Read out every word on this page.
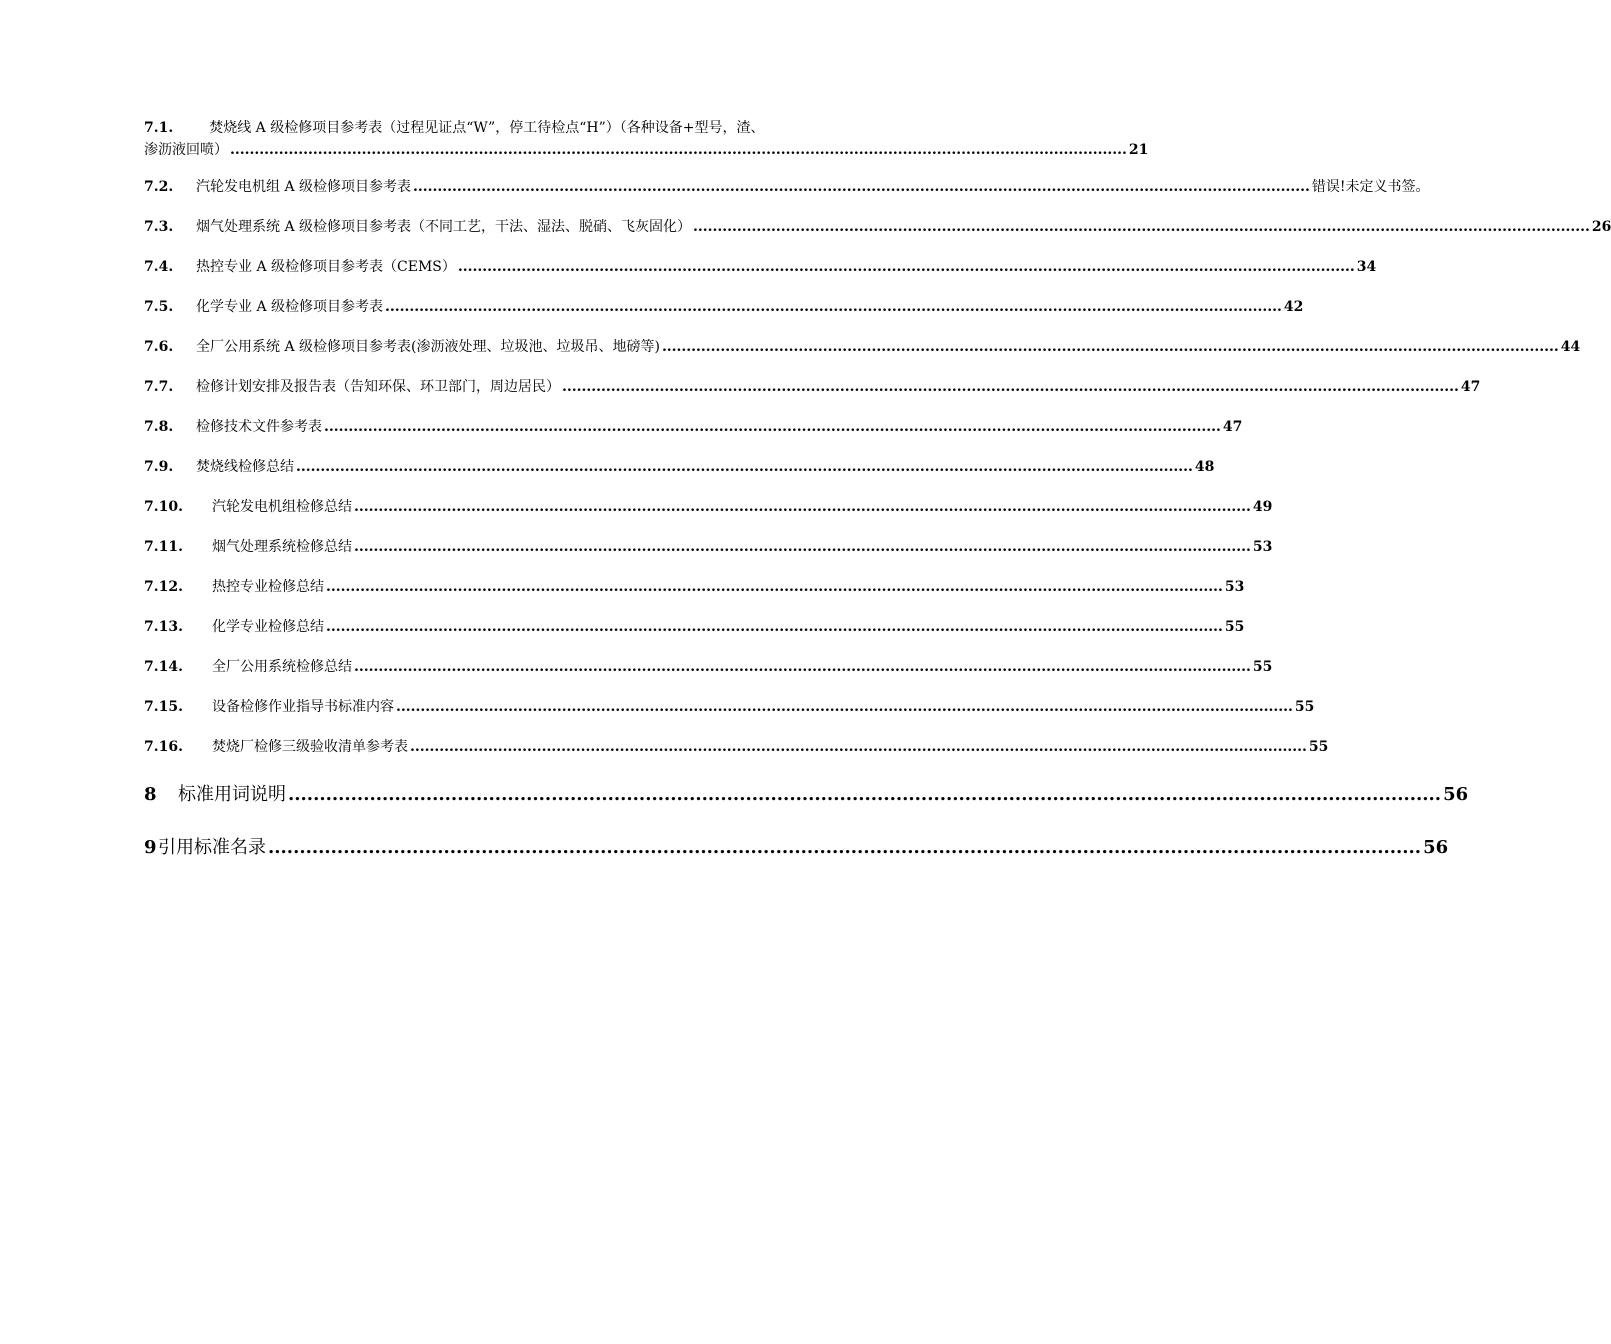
7.1.	焚烧线 A 级检修项目参考表（过程见证点“W”，停工待检点“H”）（各种设备+型号，渣、
渗沥液回喷） ........................................................................................................................................................................................ 21
7.2.	汽轮发电机组 A 级检修项目参考表 ........................................................................................................................................................................................ 错误!未定义书签。
7.3.	烟气处理系统 A 级检修项目参考表（不同工艺，干法、湿法、脱硝、飞灰固化） ........................................................................................................................................................................................ 26
7.4.	热控专业 A 级检修项目参考表（CEMS） ........................................................................................................................................................................................ 34
7.5.	化学专业 A 级检修项目参考表 ........................................................................................................................................................................................ 42
7.6.	全厂公用系统 A 级检修项目参考表(渗沥液处理、垃圾池、垃圾吊、地磅等) ........................................................................................................................................................................................ 44
7.7.	检修计划安排及报告表（告知环保、环卫部门，周边居民） ........................................................................................................................................................................................ 47
7.8.	检修技术文件参考表 ........................................................................................................................................................................................ 47
7.9.	焚烧线检修总结 ........................................................................................................................................................................................ 48
7.10.	汽轮发电机组检修总结 ........................................................................................................................................................................................ 49
7.11.	烟气处理系统检修总结 ........................................................................................................................................................................................ 53
7.12.	热控专业检修总结 ........................................................................................................................................................................................ 53
7.13.	化学专业检修总结 ........................................................................................................................................................................................ 55
7.14.	全厂公用系统检修总结 ........................................................................................................................................................................................ 55
7.15.	设备检修作业指导书标准内容 ........................................................................................................................................................................................ 55
7.16.	焚烧厂检修三级验收清单参考表 ........................................................................................................................................................................................ 55
8	标准用词说明 ........................................................................................................................................................................................ 56
9 引用标准名录 ........................................................................................................................................................................................ 56
